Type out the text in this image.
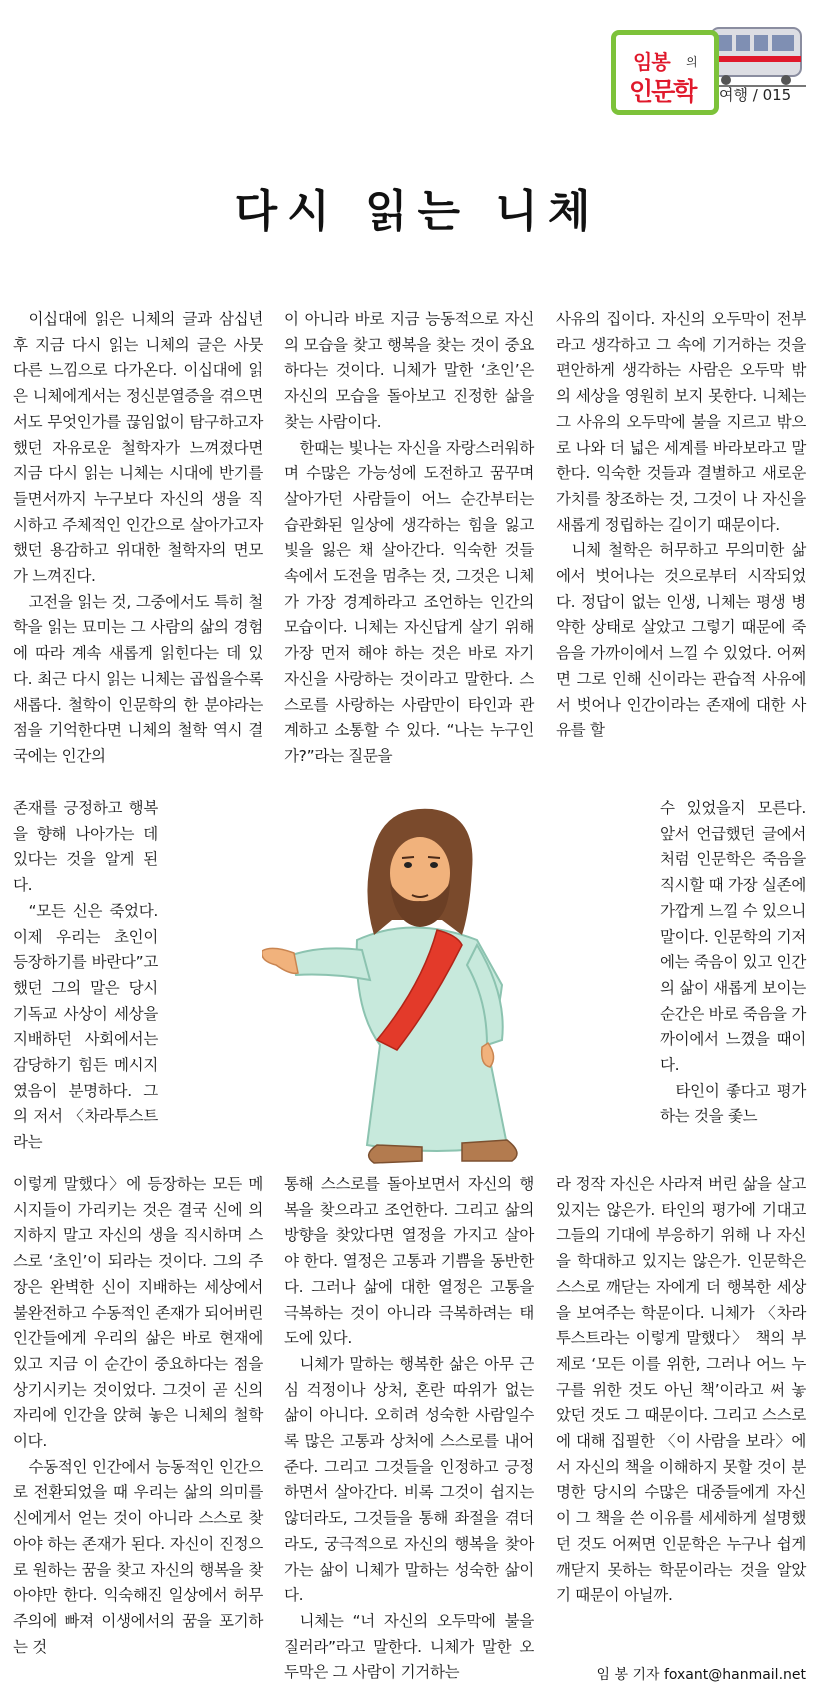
임봉 의
인문학 여행 / 015
다시 읽는 니체

이십대에 읽은 니체의 글과 삼십년 후 지금 다시 읽는 니체의 글은 사뭇 다른 느낌으로 다가온다. 이십대에 읽은 니체에게서는 정신분열증을 겪으면서도 무엇인가를 끊임없이 탐구하고자 했던 자유로운 철학자가 느껴졌다면 지금 다시 읽는 니체는 시대에 반기를 들면서까지 누구보다 자신의 생을 직시하고 주체적인 인간으로 살아가고자 했던 용감하고 위대한 철학자의 면모가 느껴진다.

고전을 읽는 것, 그중에서도 특히 철학을 읽는 묘미는 그 사람의 삶의 경험에 따라 계속 새롭게 읽힌다는 데 있다. 최근 다시 읽는 니체는 곱씹을수록 새롭다. 철학이 인문학의 한 분야라는 점을 기억한다면 니체의 철학 역시 결국에는 인간의

존재를 긍정하고 행복을 향해 나아가는 데 있다는 것을 알게 된다.

“모든 신은 죽었다. 이제 우리는 초인이 등장하기를 바란다”고 했던 그의 말은 당시 기독교 사상이 세상을 지배하던 사회에서는 감당하기 힘든 메시지였음이 분명하다. 그의 저서 〈차라투스트라는

이렇게 말했다〉에 등장하는 모든 메시지들이 가리키는 것은 결국 신에 의지하지 말고 자신의 생을 직시하며 스스로 ‘초인’이 되라는 것이다. 그의 주장은 완벽한 신이 지배하는 세상에서 불완전하고 수동적인 존재가 되어버린 인간들에게 우리의 삶은 바로 현재에 있고 지금 이 순간이 중요하다는 점을 상기시키는 것이었다. 그것이 곧 신의 자리에 인간을 앉혀 놓은 니체의 철학이다.

수동적인 인간에서 능동적인 인간으로 전환되었을 때 우리는 삶의 의미를 신에게서 얻는 것이 아니라 스스로 찾아야 하는 존재가 된다. 자신이 진정으로 원하는 꿈을 찾고 자신의 행복을 찾아야만 한다. 익숙해진 일상에서 허무주의에 빠져 이생에서의 꿈을 포기하는 것

이 아니라 바로 지금 능동적으로 자신의 모습을 찾고 행복을 찾는 것이 중요하다는 것이다. 니체가 말한 ‘초인’은 자신의 모습을 돌아보고 진정한 삶을 찾는 사람이다.

한때는 빛나는 자신을 자랑스러워하며 수많은 가능성에 도전하고 꿈꾸며 살아가던 사람들이 어느 순간부터는 습관화된 일상에 생각하는 힘을 잃고 빛을 잃은 채 살아간다. 익숙한 것들 속에서 도전을 멈추는 것, 그것은 니체가 가장 경계하라고 조언하는 인간의 모습이다. 니체는 자신답게 살기 위해 가장 먼저 해야 하는 것은 바로 자기 자신을 사랑하는 것이라고 말한다. 스스로를 사랑하는 사람만이 타인과 관계하고 소통할 수 있다. “나는 누구인가?”라는 질문을

통해 스스로를 돌아보면서 자신의 행복을 찾으라고 조언한다. 그리고 삶의 방향을 찾았다면 열정을 가지고 살아야 한다. 열정은 고통과 기쁨을 동반한다. 그러나 삶에 대한 열정은 고통을 극복하는 것이 아니라 극복하려는 태도에 있다.

니체가 말하는 행복한 삶은 아무 근심 걱정이나 상처, 혼란 따위가 없는 삶이 아니다. 오히려 성숙한 사람일수록 많은 고통과 상처에 스스로를 내어준다. 그리고 그것들을 인정하고 긍정하면서 살아간다. 비록 그것이 쉽지는 않더라도, 그것들을 통해 좌절을 겪더라도, 궁극적으로 자신의 행복을 찾아가는 삶이 니체가 말하는 성숙한 삶이다.

니체는 “너 자신의 오두막에 불을 질러라”라고 말한다. 니체가 말한 오두막은 그 사람이 기거하는

사유의 집이다. 자신의 오두막이 전부라고 생각하고 그 속에 기거하는 것을 편안하게 생각하는 사람은 오두막 밖의 세상을 영원히 보지 못한다. 니체는 그 사유의 오두막에 불을 지르고 밖으로 나와 더 넓은 세계를 바라보라고 말한다. 익숙한 것들과 결별하고 새로운 가치를 창조하는 것, 그것이 나 자신을 새롭게 정립하는 길이기 때문이다.

니체 철학은 허무하고 무의미한 삶에서 벗어나는 것으로부터 시작되었다. 정답이 없는 인생, 니체는 평생 병약한 상태로 살았고 그렇기 때문에 죽음을 가까이에서 느낄 수 있었다. 어쩌면 그로 인해 신이라는 관습적 사유에서 벗어나 인간이라는 존재에 대한 사유를 할

수 있었을지 모른다. 앞서 언급했던 글에서처럼 인문학은 죽음을 직시할 때 가장 실존에 가깝게 느낄 수 있으니 말이다. 인문학의 기저에는 죽음이 있고 인간의 삶이 새롭게 보이는 순간은 바로 죽음을 가까이에서 느꼈을 때이다.

타인이 좋다고 평가하는 것을 좇느

라 정작 자신은 사라져 버린 삶을 살고 있지는 않은가. 타인의 평가에 기대고 그들의 기대에 부응하기 위해 나 자신을 학대하고 있지는 않은가. 인문학은 스스로 깨닫는 자에게 더 행복한 세상을 보여주는 학문이다. 니체가 〈차라투스트라는 이렇게 말했다〉 책의 부제로 ‘모든 이를 위한, 그러나 어느 누구를 위한 것도 아닌 책’이라고 써 놓았던 것도 그 때문이다. 그리고 스스로에 대해 집필한 〈이 사람을 보라〉에서 자신의 책을 이해하지 못할 것이 분명한 당시의 수많은 대중들에게 자신이 그 책을 쓴 이유를 세세하게 설명했던 것도 어쩌면 인문학은 누구나 쉽게 깨닫지 못하는 학문이라는 것을 알았기 때문이 아닐까.

임 봉 기자 foxant@hanmail.net
